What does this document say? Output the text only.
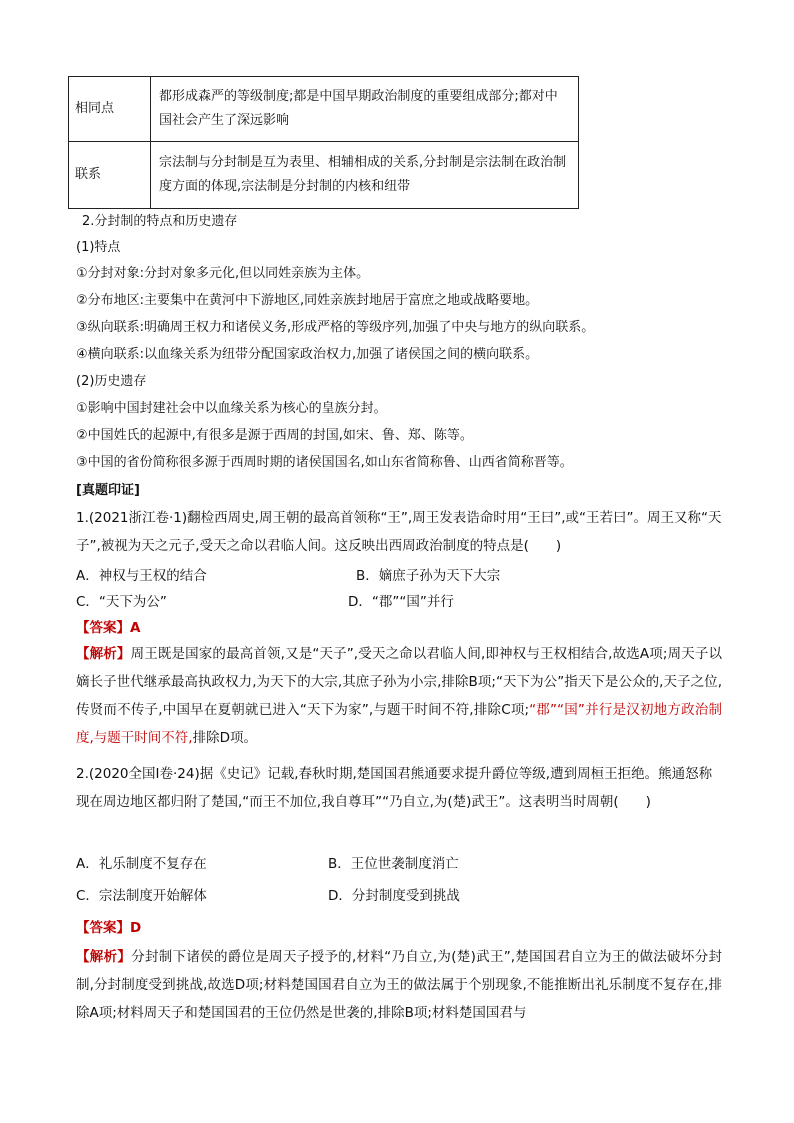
相同点	都形成森严的等级制度;都是中国早期政治制度的重要组成部分;都对中国社会产生了深远影响
联系	宗法制与分封制是互为表里、相辅相成的关系,分封制是宗法制在政治制度方面的体现,宗法制是分封制的内核和纽带
2.分封制的特点和历史遗存
(1)特点
①分封对象:分封对象多元化,但以同姓亲族为主体。
②分布地区:主要集中在黄河中下游地区,同姓亲族封地居于富庶之地或战略要地。
③纵向联系:明确周王权力和诸侯义务,形成严格的等级序列,加强了中央与地方的纵向联系。
④横向联系:以血缘关系为纽带分配国家政治权力,加强了诸侯国之间的横向联系。
(2)历史遗存
①影响中国封建社会中以血缘关系为核心的皇族分封。
②中国姓氏的起源中,有很多是源于西周的封国,如宋、鲁、郑、陈等。
③中国的省份简称很多源于西周时期的诸侯国国名,如山东省简称鲁、山西省简称晋等。
[真题印证]
1.(2021浙江卷·1)翻检西周史,周王朝的最高首领称“王”,周王发表诰命时用“王曰”,或“王若曰”。周王又称“天子”,被视为天之元子,受天之命以君临人间。这反映出西周政治制度的特点是(　　)
A．神权与王权的结合	B．嫡庶子孙为天下大宗
C．“天下为公”	D．“郡”“国”并行
【答案】A
【解析】周王既是国家的最高首领,又是“天子”,受天之命以君临人间,即神权与王权相结合,故选A项;周天子以嫡长子世代继承最高执政权力,为天下的大宗,其庶子孙为小宗,排除B项;“天下为公”指天下是公众的,天子之位,传贤而不传子,中国早在夏朝就已进入“天下为家”,与题干时间不符,排除C项;“郡”“国”并行是汉初地方政治制度,与题干时间不符,排除D项。
2.(2020全国Ⅰ卷·24)据《史记》记载,春秋时期,楚国国君熊通要求提升爵位等级,遭到周桓王拒绝。熊通怒称现在周边地区都归附了楚国,“而王不加位,我自尊耳”“乃自立,为(楚)武王”。这表明当时周朝(　　)
A．礼乐制度不复存在	B．王位世袭制度消亡
C．宗法制度开始解体	D．分封制度受到挑战
【答案】D
【解析】分封制下诸侯的爵位是周天子授予的,材料“乃自立,为(楚)武王”,楚国国君自立为王的做法破坏分封制,分封制度受到挑战,故选D项;材料楚国国君自立为王的做法属于个别现象,不能推断出礼乐制度不复存在,排除A项;材料周天子和楚国国君的王位仍然是世袭的,排除B项;材料楚国国君与
